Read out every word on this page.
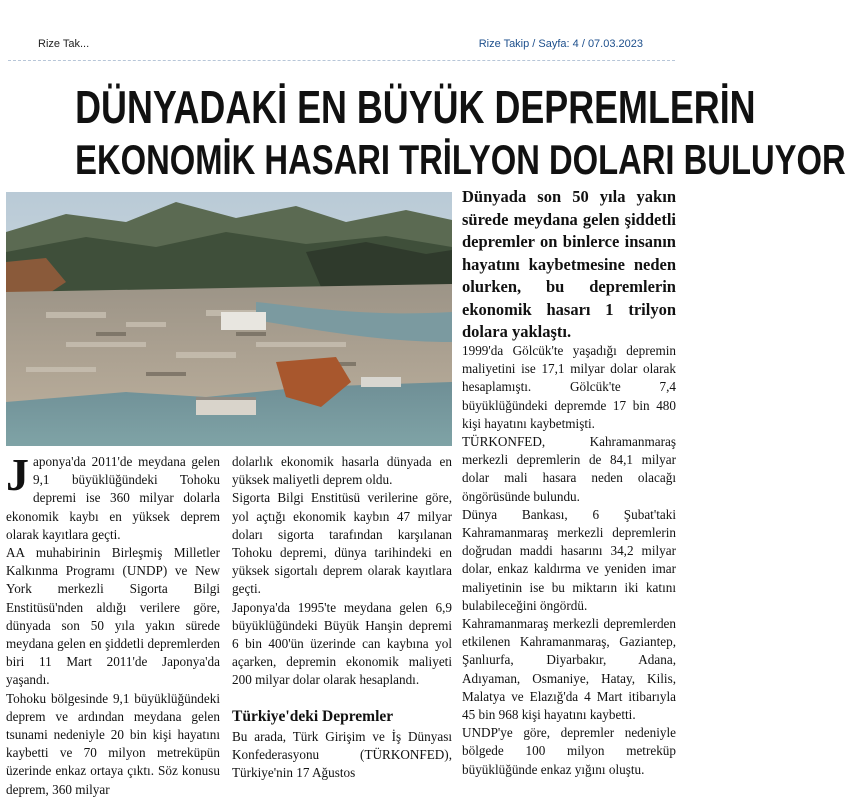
Rize Tak...	Rize Takip / Sayfa: 4 / 07.03.2023
DÜNYADAKİ EN BÜYÜK DEPREMLERİN
EKONOMİK HASARI TRİLYON DOLARI BULUYOR
Dünyada son 50 yıla yakın sürede meydana gelen şiddetli depremler on binlerce insanın hayatını kaybetmesine neden olurken, bu depremlerin ekonomik hasarı 1 trilyon dolara yaklaştı.

Japonya'da 2011'de meydana gelen 9,1 büyüklüğündeki Tohoku depremi ise 360 milyar dolarla ekonomik kaybı en yüksek deprem olarak kayıtlara geçti.

AA muhabirinin Birleşmiş Milletler Kalkınma Programı (UNDP) ve New York merkezli Sigorta Bilgi Enstitüsü'nden aldığı verilere göre, dünyada son 50 yıla yakın sürede meydana gelen en şiddetli depremlerden biri 11 Mart 2011'de Japonya'da yaşandı.

Tohoku bölgesinde 9,1 büyüklüğündeki deprem ve ardından meydana gelen tsunami nedeniyle 20 bin kişi hayatını kaybetti ve 70 milyon metreküpün üzerinde enkaz ortaya çıktı. Söz konusu deprem, 360 milyar

dolarlık ekonomik hasarla dünyada en yüksek maliyetli deprem oldu.

Sigorta Bilgi Enstitüsü verilerine göre, yol açtığı ekonomik kaybın 47 milyar doları sigorta tarafından karşılanan Tohoku depremi, dünya tarihindeki en yüksek sigortalı deprem olarak kayıtlara geçti.

Japonya'da 1995'te meydana gelen 6,9 büyüklüğündeki Büyük Hanşin depremi 6 bin 400'ün üzerinde can kaybına yol açarken, depremin ekonomik maliyeti 200 milyar dolar olarak hesaplandı.

Türkiye'deki Depremler

Bu arada, Türk Girişim ve İş Dünyası Konfederasyonu (TÜRKONFED), Türkiye'nin 17 Ağustos

1999'da Gölcük'te yaşadığı depremin maliyetini ise 17,1 milyar dolar olarak hesaplamıştı. Gölcük'te 7,4 büyüklüğündeki depremde 17 bin 480 kişi hayatını kaybetmişti.

TÜRKONFED, Kahramanmaraş merkezli depremlerin de 84,1 milyar dolar mali hasara neden olacağı öngörüsünde bulundu.

Dünya Bankası, 6 Şubat'taki Kahramanmaraş merkezli depremlerin doğrudan maddi hasarını 34,2 milyar dolar, enkaz kaldırma ve yeniden imar maliyetinin ise bu miktarın iki katını bulabileceğini öngördü.

Kahramanmaraş merkezli depremlerden etkilenen Kahramanmaraş, Gaziantep, Şanlıurfa, Diyarbakır, Adana, Adıyaman, Osmaniye, Hatay, Kilis, Malatya ve Elazığ'da 4 Mart itibarıyla 45 bin 968 kişi hayatını kaybetti.

UNDP'ye göre, depremler nedeniyle bölgede 100 milyon metreküp büyüklüğünde enkaz yığını oluştu.
